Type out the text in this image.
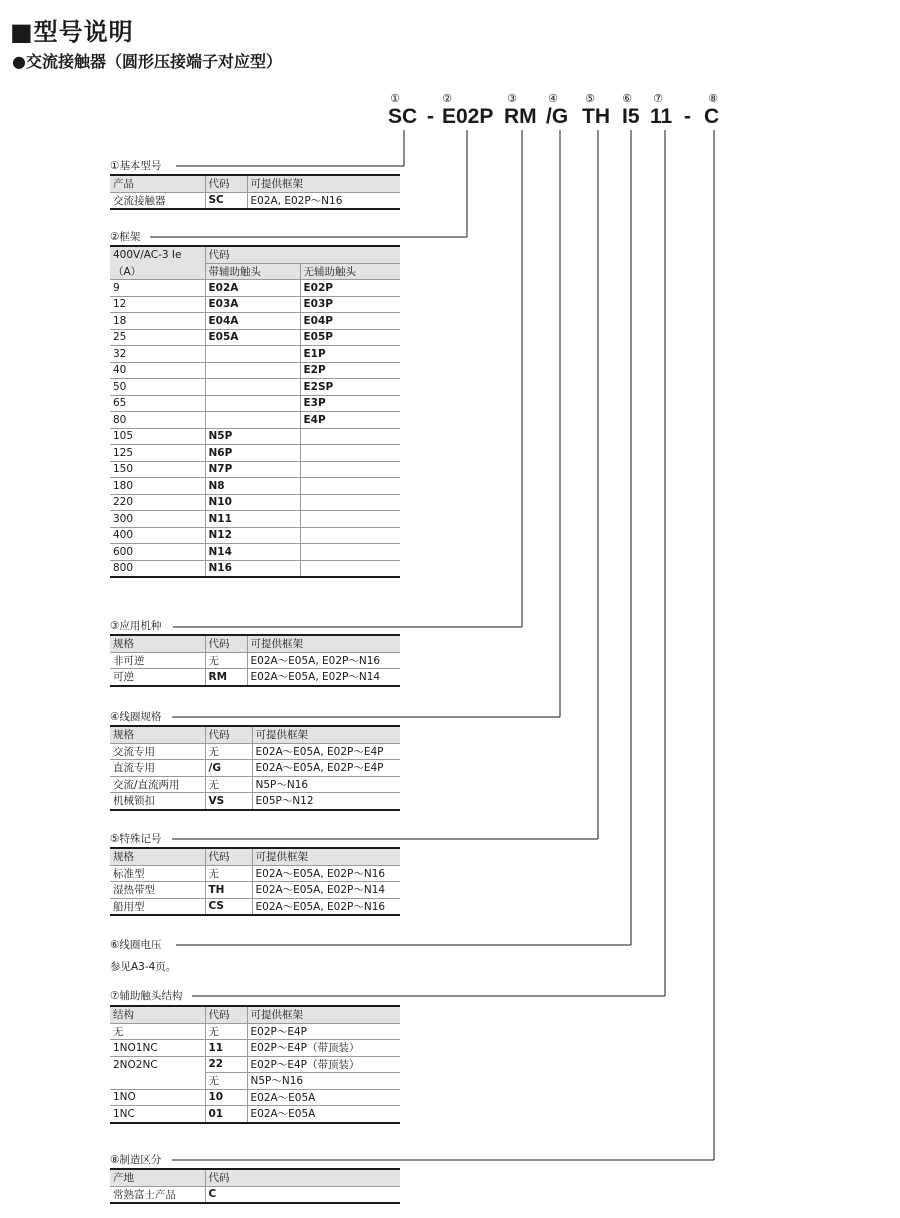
■型号说明
●交流接触器（圆形压接端子对应型）
①	②	③	④	⑤	⑥	⑦	⑧
SC - E02P RM /G TH I5 11 - C
①基本型号
产品	代码	可提供框架
交流接触器	SC	E02A, E02P～N16
②框架
400V/AC-3 Ie	代码	
（A）	带辅助触头	无辅助触头
9	E02A	E02P
12	E03A	E03P
18	E04A	E04P
25	E05A	E05P
32		E1P
40		E2P
50		E2SP
65		E3P
80		E4P
105	N5P	
125	N6P	
150	N7P	
180	N8	
220	N10	
300	N11	
400	N12	
600	N14	
800	N16	
③应用机种
规格	代码	可提供框架
非可逆	无	E02A～E05A, E02P～N16
可逆	RM	E02A～E05A, E02P～N14
④线圈规格
规格	代码	可提供框架
交流专用	无	E02A～E05A, E02P～E4P
直流专用	/G	E02A～E05A, E02P～E4P
交流/直流两用	无	N5P～N16
机械锁扣	VS	E05P～N12
⑤特殊记号
规格	代码	可提供框架
标准型	无	E02A～E05A, E02P～N16
湿热带型	TH	E02A～E05A, E02P～N14
船用型	CS	E02A～E05A, E02P～N16
⑥线圈电压
参见A3-4页。
⑦辅助触头结构
结构	代码	可提供框架
无	无	E02P～E4P
1NO1NC	11	E02P～E4P（带顶装）
2NO2NC	22	E02P～E4P（带顶装）
	无	N5P～N16
1NO	10	E02A～E05A
1NC	01	E02A～E05A
⑧制造区分
产地	代码
常熟富士产品	C
